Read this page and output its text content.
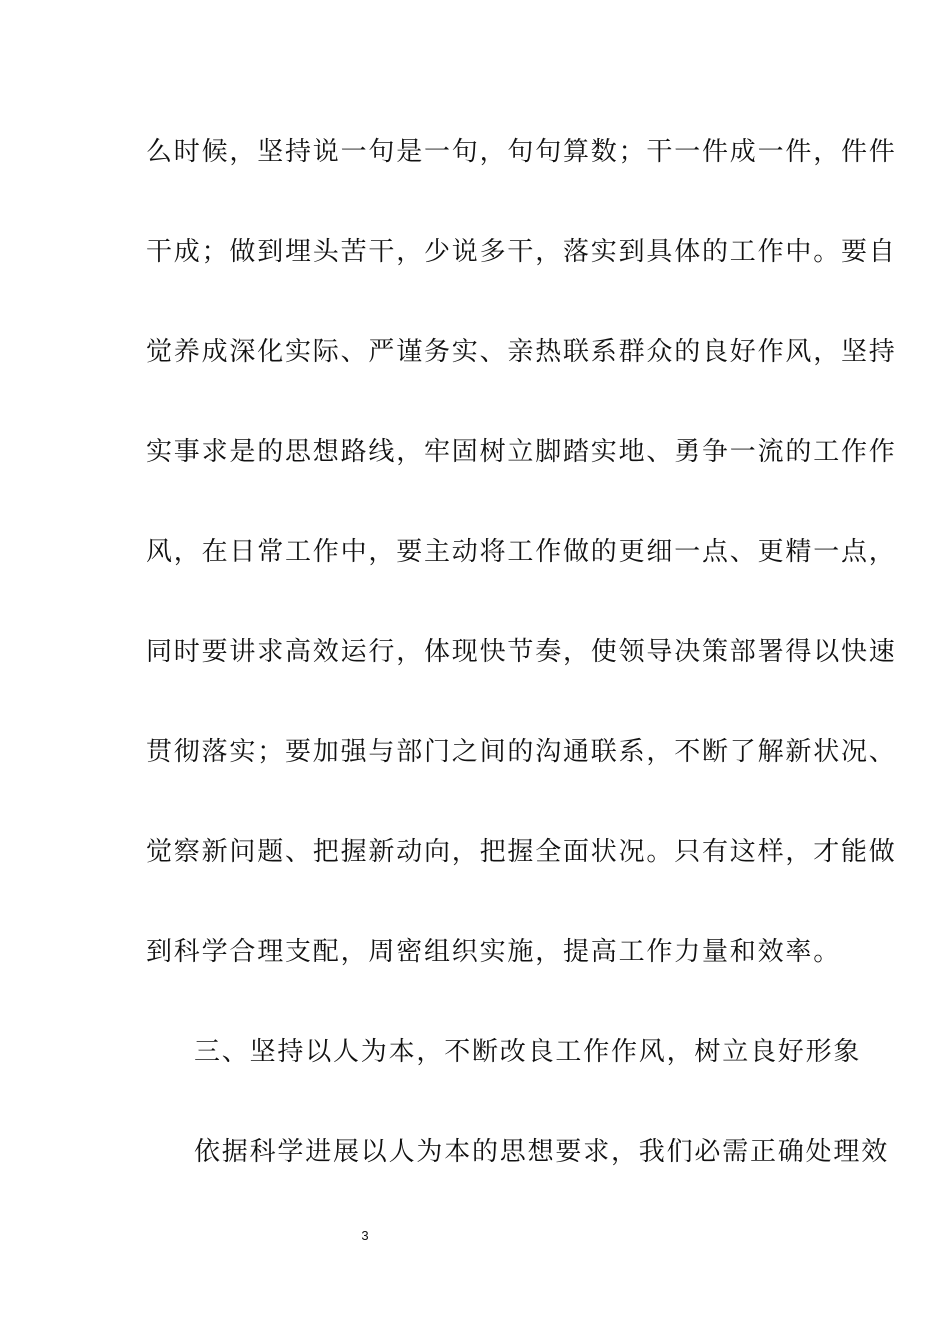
么时候，坚持说一句是一句，句句算数；干一件成一件，件件
干成；做到埋头苦干，少说多干，落实到具体的工作中。要自
觉养成深化实际、严谨务实、亲热联系群众的良好作风，坚持
实事求是的思想路线，牢固树立脚踏实地、勇争一流的工作作
风，在日常工作中，要主动将工作做的更细一点、更精一点，
同时要讲求高效运行，体现快节奏，使领导决策部署得以快速
贯彻落实；要加强与部门之间的沟通联系，不断了解新状况、
觉察新问题、把握新动向，把握全面状况。只有这样，才能做
到科学合理支配，周密组织实施，提高工作力量和效率。
三、坚持以人为本，不断改良工作作风，树立良好形象
依据科学进展以人为本的思想要求，我们必需正确处理效
3
